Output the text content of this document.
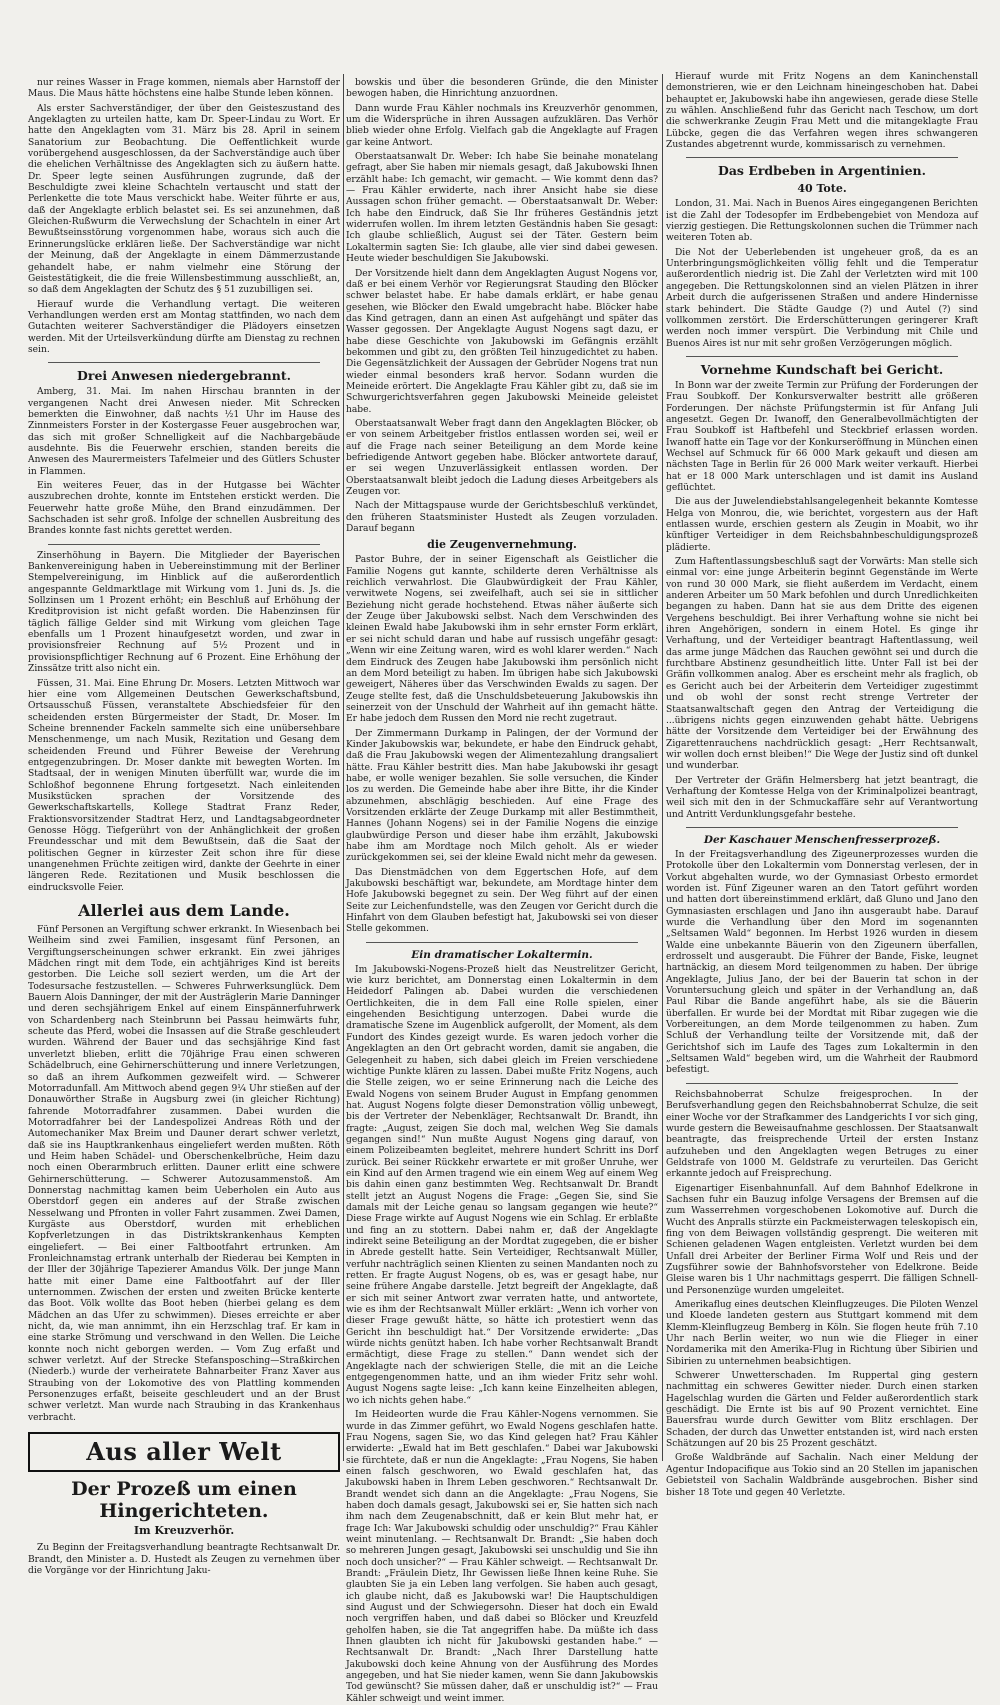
nur reines Wasser in Frage kommen, niemals aber Harnstoff der Maus. Die Maus hätte höchstens eine halbe Stunde leben können.

Als erster Sachverständiger, der über den Geisteszustand des Angeklagten zu urteilen hatte, kam Dr. Speer-Lindau zu Wort. Er hatte den Angeklagten vom 31. März bis 28. April in seinem Sanatorium zur Beobachtung. Die Oeffentlichkeit wurde vorübergehend ausgeschlossen, da der Sachverständige auch über die ehelichen Verhältnisse des Angeklagten sich zu äußern hatte. Dr. Speer legte seinen Ausführungen zugrunde, daß der Beschuldigte zwei kleine Schachteln vertauscht und statt der Perlenkette die tote Maus verschickt habe. Weiter führte er aus, daß der Angeklagte erblich belastet sei. Es sei anzunehmen, daß Gleichen-Rußwurm die Verwechslung der Schachteln in einer Art Bewußtseinsstörung vorgenommen habe, woraus sich auch die Erinnerungslücke erklären ließe. Der Sachverständige war nicht der Meinung, daß der Angeklagte in einem Dämmerzustande gehandelt habe, er nahm vielmehr eine Störung der Geistestätigkeit, die die freie Willensbestimmung ausschließt, an, so daß dem Angeklagten der Schutz des § 51 zuzubilligen sei.

Hierauf wurde die Verhandlung vertagt. Die weiteren Verhandlungen werden erst am Montag stattfinden, wo nach dem Gutachten weiterer Sachverständiger die Plädoyers einsetzen werden. Mit der Urteilsverkündung dürfte am Dienstag zu rechnen sein.

Drei Anwesen niedergebrannt.

Amberg, 31. Mai. Im nahen Hirschau brannten in der vergangenen Nacht drei Anwesen nieder. Mit Schrecken bemerkten die Einwohner, daß nachts ½1 Uhr im Hause des Zinnmeisters Forster in der Kostergasse Feuer ausgebrochen war, das sich mit großer Schnelligkeit auf die Nachbargebäude ausdehnte. Bis die Feuerwehr erschien, standen bereits die Anwesen des Maurermeisters Tafelmeier und des Gütlers Schuster in Flammen.

Ein weiteres Feuer, das in der Hutgasse bei Wächter auszubrechen drohte, konnte im Entstehen erstickt werden. Die Feuerwehr hatte große Mühe, den Brand einzudämmen. Der Sachschaden ist sehr groß. Infolge der schnellen Ausbreitung des Brandes konnte fast nichts gerettet werden.

Zinserhöhung in Bayern. Die Mitglieder der Bayerischen Bankenvereinigung haben in Uebereinstimmung mit der Berliner Stempelvereinigung, im Hinblick auf die außerordentlich angespannte Geldmarktlage mit Wirkung vom 1. Juni ds. Js. die Sollzinsen um 1 Prozent erhöht; ein Beschluß auf Erhöhung der Kreditprovision ist nicht gefaßt worden. Die Habenzinsen für täglich fällige Gelder sind mit Wirkung vom gleichen Tage ebenfalls um 1 Prozent hinaufgesetzt worden, und zwar in provisionsfreier Rechnung auf 5½ Prozent und in provisionspflichtiger Rechnung auf 6 Prozent. Eine Erhöhung der Zinssätze tritt also nicht ein.

Füssen, 31. Mai. Eine Ehrung Dr. Mosers. Letzten Mittwoch war hier eine vom Allgemeinen Deutschen Gewerkschaftsbund, Ortsausschuß Füssen, veranstaltete Abschiedsfeier für den scheidenden ersten Bürgermeister der Stadt, Dr. Moser. Im Scheine brennender Fackeln sammelte sich eine unübersehbare Menschenmenge, um nach Musik, Rezitation und Gesang dem scheidenden Freund und Führer Beweise der Verehrung entgegenzubringen. Dr. Moser dankte mit bewegten Worten. Im Stadtsaal, der in wenigen Minuten überfüllt war, wurde die im Schloßhof begonnene Ehrung fortgesetzt. Nach einleitenden Musikstücken sprachen der Vorsitzende des Gewerkschaftskartells, Kollege Stadtrat Franz Reder, Fraktionsvorsitzender Stadtrat Herz, und Landtagsabgeordneter Genosse Högg. Tiefgerührt von der Anhänglichkeit der großen Freundesschar und mit dem Bewußtsein, daß die Saat der politischen Gegner in kürzester Zeit schon ihre für diese unangenehmen Früchte zeitigen wird, dankte der Geehrte in einer längeren Rede. Rezitationen und Musik beschlossen die eindrucksvolle Feier.

Allerlei aus dem Lande.

Fünf Personen an Vergiftung schwer erkrankt. In Wiesenbach bei Weilheim sind zwei Familien, insgesamt fünf Personen, an Vergiftungserscheinungen schwer erkrankt. Ein zwei jähriges Mädchen ringt mit dem Tode, ein achtjähriges Kind ist bereits gestorben. Die Leiche soll seziert werden, um die Art der Todesursache festzustellen. — Schweres Fuhrwerksunglück. Dem Bauern Alois Danninger, der mit der Austräglerin Marie Danninger und deren sechsjährigem Enkel auf einem Einspännerfuhrwerk von Schardenberg nach Steinbrunn bei Passau heimwärts fuhr, scheute das Pferd, wobei die Insassen auf die Straße geschleudert wurden. Während der Bauer und das sechsjährige Kind fast unverletzt blieben, erlitt die 70jährige Frau einen schweren Schädelbruch, eine Gehirnerschütterung und innere Verletzungen, so daß an ihrem Aufkommen gezweifelt wird. — Schwerer Motorradunfall. Am Mittwoch abend gegen 9¼ Uhr stießen auf der Donauwörther Straße in Augsburg zwei (in gleicher Richtung) fahrende Motorradfahrer zusammen. Dabei wurden die Motorradfahrer bei der Landespolizei Andreas Röth und der Automechaniker Max Breim und Dauner derart schwer verletzt, daß sie ins Hauptkrankenhaus eingeliefert werden mußten. Röth und Heim haben Schädel- und Oberschenkelbrüche, Heim dazu noch einen Oberarmbruch erlitten. Dauner erlitt eine schwere Gehirnerschütterung. — Schwerer Autozusammenstoß. Am Donnerstag nachmittag kamen beim Ueberholen ein Auto aus Oberstdorf gegen ein anderes auf der Straße zwischen Nesselwang und Pfronten in voller Fahrt zusammen. Zwei Damen, Kurgäste aus Oberstdorf, wurden mit erheblichen Kopfverletzungen in das Distriktskrankenhaus Kempten eingeliefert. — Bei einer Faltbootfahrt ertrunken. Am Fronleichnamstag ertrank unterhalb der Riederau bei Kempten in der Iller der 30jährige Tapezierer Amandus Völk. Der junge Mann hatte mit einer Dame eine Faltbootfahrt auf der Iller unternommen. Zwischen der ersten und zweiten Brücke kenterte das Boot. Völk wollte das Boot heben (hierbei gelang es dem Mädchen an das Ufer zu schwimmen). Dieses erreichte er aber nicht, da, wie man annimmt, ihn ein Herzschlag traf. Er kam in eine starke Strömung und verschwand in den Wellen. Die Leiche konnte noch nicht geborgen werden. — Vom Zug erfaßt und schwer verletzt. Auf der Strecke Stefansposching—Straßkirchen (Niederb.) wurde der verheiratete Bahnarbeiter Franz Xaver aus Straubing von der Lokomotive des von Plattling kommenden Personenzuges erfaßt, beiseite geschleudert und an der Brust schwer verletzt. Man wurde nach Straubing in das Krankenhaus verbracht.

Aus aller Welt
Der Prozeß um einen Hingerichteten.
Im Kreuzverhör.

Zu Beginn der Freitagsverhandlung beantragte Rechtsanwalt Dr. Brandt, den Minister a. D. Hustedt als Zeugen zu vernehmen über die Vorgänge vor der Hinrichtung Jaku-

bowskis und über die besonderen Gründe, die den Minister bewogen haben, die Hinrichtung anzuordnen.

Dann wurde Frau Kähler nochmals ins Kreuzverhör genommen, um die Widersprüche in ihren Aussagen aufzuklären. Das Verhör blieb wieder ohne Erfolg. Vielfach gab die Angeklagte auf Fragen gar keine Antwort.

Oberstaatsanwalt Dr. Weber: Ich habe Sie beinahe monatelang gefragt, aber Sie haben mir niemals gesagt, daß Jakubowski Ihnen erzählt habe: Ich gemacht, wir gemacht. — Wie kommt denn das? — Frau Kähler erwiderte, nach ihrer Ansicht habe sie diese Aussagen schon früher gemacht. — Oberstaatsanwalt Dr. Weber: Ich habe den Eindruck, daß Sie Ihr früheres Geständnis jetzt widerrufen wollen. Im ihrem letzten Geständnis haben Sie gesagt: Ich glaube schließlich, August sei der Täter. Gestern beim Lokaltermin sagten Sie: Ich glaube, alle vier sind dabei gewesen. Heute wieder beschuldigen Sie Jakubowski.

Der Vorsitzende hielt dann dem Angeklagten August Nogens vor, daß er bei einem Verhör vor Regierungsrat Stauding den Blöcker schwer belastet habe. Er habe damals erklärt, er habe genau gesehen, wie Blöcker den Ewald umgebracht habe. Blöcker habe das Kind getragen, dann an einen Ast aufgehängt und später das Wasser gegossen. Der Angeklagte August Nogens sagt dazu, er habe diese Geschichte von Jakubowski im Gefängnis erzählt bekommen und gibt zu, den größten Teil hinzugedichtet zu haben. Die Gegensätzlichkeit der Aussagen der Gebrüder Nogens trat nun wieder einmal besonders kraß hervor. Sodann wurden die Meineide erörtert. Die Angeklagte Frau Kähler gibt zu, daß sie im Schwurgerichtsverfahren gegen Jakubowski Meineide geleistet habe.

Oberstaatsanwalt Weber fragt dann den Angeklagten Blöcker, ob er von seinem Arbeitgeber fristlos entlassen worden sei, weil er auf die Frage nach seiner Beteiligung an dem Morde keine befriedigende Antwort gegeben habe. Blöcker antwortete darauf, er sei wegen Unzuverlässigkeit entlassen worden. Der Oberstaatsanwalt bleibt jedoch die Ladung dieses Arbeitgebers als Zeugen vor.

Nach der Mittagspause wurde der Gerichtsbeschluß verkündet, den früheren Staatsminister Hustedt als Zeugen vorzuladen. Darauf begann

die Zeugenvernehmung.

Pastor Buhre, der in seiner Eigenschaft als Geistlicher die Familie Nogens gut kannte, schilderte deren Verhältnisse als reichlich verwahrlost. Die Glaubwürdigkeit der Frau Kähler, verwitwete Nogens, sei zweifelhaft, auch sei sie in sittlicher Beziehung nicht gerade hochstehend. Etwas näher äußerte sich der Zeuge über Jakubowski selbst. Nach dem Verschwinden des kleinen Ewald habe Jakubowski ihm in sehr ernster Form erklärt, er sei nicht schuld daran und habe auf russisch ungefähr gesagt: „Wenn wir eine Zeitung waren, wird es wohl klarer werden.“ Nach dem Eindruck des Zeugen habe Jakubowski ihm persönlich nicht an dem Mord beteiligt zu haben. Im übrigen habe sich Jakubowski geweigert, Näheres über das Verschwinden Ewalds zu sagen. Der Zeuge stellte fest, daß die Unschuldsbeteuerung Jakubowskis ihn seinerzeit von der Unschuld der Wahrheit auf ihn gemacht hätte. Er habe jedoch dem Russen den Mord nie recht zugetraut.

Der Zimmermann Durkamp in Palingen, der der Vormund der Kinder Jakubowskis war, bekundete, er habe den Eindruck gehabt, daß die Frau Jakubowski wegen der Alimentezahlung drangsaliert hätte. Frau Kähler bestritt dies. Man habe Jakubowski ihr gesagt habe, er wolle weniger bezahlen. Sie solle versuchen, die Kinder los zu werden. Die Gemeinde habe aber ihre Bitte, ihr die Kinder abzunehmen, abschlägig beschieden. Auf eine Frage des Vorsitzenden erklärte der Zeuge Durkamp mit aller Bestimmtheit, Hannes (Johann Nogens) sei in der Familie Nogens die einzige glaubwürdige Person und dieser habe ihm erzählt, Jakubowski habe ihm am Mordtage noch Milch geholt. Als er wieder zurückgekommen sei, sei der kleine Ewald nicht mehr da gewesen.

Das Dienstmädchen von dem Eggertschen Hofe, auf dem Jakubowski beschäftigt war, bekundete, am Mordtage hinter dem Hofe Jakubowski begegnet zu sein. Der Weg führt auf der einen Seite zur Leichenfundstelle, was den Zeugen vor Gericht durch die Hinfahrt von dem Glauben befestigt hat, Jakubowski sei von dieser Stelle gekommen.

Ein dramatischer Lokaltermin.

Im Jakubowski-Nogens-Prozeß hielt das Neustrelitzer Gericht, wie kurz berichtet, am Donnerstag einen Lokaltermin in dem Heidedorf Palingen ab. Dabei wurden die verschiedenen Oertlichkeiten, die in dem Fall eine Rolle spielen, einer eingehenden Besichtigung unterzogen. Dabei wurde die dramatische Szene im Augenblick aufgerollt, der Moment, als dem Fundort des Kindes gezeigt wurde. Es waren jedoch vorher die Angeklagten an den Ort gebracht worden, damit sie angaben, die Gelegenheit zu haben, sich dabei gleich im Freien verschiedene wichtige Punkte klären zu lassen. Dabei mußte Fritz Nogens, auch die Stelle zeigen, wo er seine Erinnerung nach die Leiche des Ewald Nogens von seinem Bruder August in Empfang genommen hat. August Nogens folgte dieser Demonstration völlig unbewegt, bis der Vertreter der Nebenkläger, Rechtsanwalt Dr. Brandt, ihn fragte: „August, zeigen Sie doch mal, welchen Weg Sie damals gegangen sind!“ Nun mußte August Nogens ging darauf, von einem Polizeibeamten begleitet, mehrere hundert Schritt ins Dorf zurück. Bei seiner Rückkehr erwartete er mit großer Unruhe, wer ein Kind auf den Armen tragend wie ein einem Weg auf einem Weg bis dahin einen ganz bestimmten Weg. Rechtsanwalt Dr. Brandt stellt jetzt an August Nogens die Frage: „Gegen Sie, sind Sie damals mit der Leiche genau so langsam gegangen wie heute?“ Diese Frage wirkte auf August Nogens wie ein Schlag. Er erblaßte und fing an zu stottern. Dabei nahm er, daß der Angeklagte indirekt seine Beteiligung an der Mordtat zugegeben, die er bisher in Abrede gestellt hatte. Sein Verteidiger, Rechtsanwalt Müller, verfuhr nachträglich seinen Klienten zu seinen Mandanten noch zu retten. Er fragte August Nogens, ob es, was er gesagt habe, nur seine frühere Angabe darstelle. Jetzt begreift der Angeklagte, daß er sich mit seiner Antwort zwar verraten hatte, und antwortete, wie es ihm der Rechtsanwalt Müller erklärt: „Wenn ich vorher von dieser Frage gewußt hätte, so hätte ich protestiert wenn das Gericht ihn beschuldigt hat.“ Der Vorsitzende erwiderte: „Das würde nichts genützt haben. Ich habe vorher Rechtsanwalt Brandt ermächtigt, diese Frage zu stellen.“ Dann wendet sich der Angeklagte nach der schwierigen Stelle, die mit an die Leiche entgegengenommen hatte, und an ihm wieder Fritz sehr wohl. August Nogens sagte leise: „Ich kann keine Einzelheiten ablegen, wo ich nichts gehen habe.“

Im Heideorten wurde die Frau Kähler-Nogens vernommen. Sie wurde in das Zimmer geführt, wo Ewald Nogens geschlafen hatte. Frau Nogens, sagen Sie, wo das Kind gelegen hat? Frau Kähler erwiderte: „Ewald hat im Bett geschlafen.“ Dabei war Jakubowski sie fürchtete, daß er nun die Angeklagte: „Frau Nogens, Sie haben einen falsch geschworen, wo Ewald geschlafen hat, das Jakubowski haben in Ihrem Leben geschworen.“ Rechtsanwalt Dr. Brandt wendet sich dann an die Angeklagte: „Frau Nogens, Sie haben doch damals gesagt, Jakubowski sei er, Sie hatten sich nach ihm nach dem Zeugenabschnitt, daß er kein Blut mehr hat, er frage Ich: War Jakubowski schuldig oder unschuldig?“ Frau Kähler weint minutenlang. — Rechtsanwalt Dr. Brandt: „Sie haben doch so mehreren Jungen gesagt, Jakubowski sei unschuldig und Sie ihn noch doch unsicher?“ — Frau Kähler schweigt. — Rechtsanwalt Dr. Brandt: „Fräulein Dietz, Ihr Gewissen ließe Ihnen keine Ruhe. Sie glaubten Sie ja ein Leben lang verfolgen. Sie haben auch gesagt, ich glaube nicht, daß es Jakubowski war! Die Hauptschuldigen sind August und der Schwiegersohn. Dieser hat doch ein Ewald noch vergriffen haben, und daß dabei so Blöcker und Kreuzfeld geholfen haben, sie die Tat angegriffen habe. Da müßte ich dass Ihnen glaubten ich nicht für Jakubowski gestanden habe.“ — Rechtsanwalt Dr. Brandt: „Nach Ihrer Darstellung hatte Jakubowski doch keine Ahnung von der Ausführung des Mordes angegeben, und hat Sie nieder kamen, wenn Sie dann Jakubowskis Tod gewünscht? Sie müssen daher, daß er unschuldig ist?“ — Frau Kähler schweigt und weint immer.

Hierauf wurde mit Fritz Nogens an dem Kaninchenstall demonstrieren, wie er den Leichnam hineingeschoben hat. Dabei behauptet er, Jakubowski habe ihn angewiesen, gerade diese Stelle zu wählen. Anschließend fuhr das Gericht nach Teschow, um dort die schwerkranke Zeugin Frau Mett und die mitangeklagte Frau Lübcke, gegen die das Verfahren wegen ihres schwangeren Zustandes abgetrennt wurde, kommissarisch zu vernehmen.

Das Erdbeben in Argentinien.
40 Tote.

London, 31. Mai. Nach in Buenos Aires eingegangenen Berichten ist die Zahl der Todesopfer im Erdbebengebiet von Mendoza auf vierzig gestiegen. Die Rettungskolonnen suchen die Trümmer nach weiteren Toten ab.

Die Not der Ueberlebenden ist ungeheuer groß, da es an Unterbringungsmöglichkeiten völlig fehlt und die Temperatur außerordentlich niedrig ist. Die Zahl der Verletzten wird mit 100 angegeben. Die Rettungskolonnen sind an vielen Plätzen in ihrer Arbeit durch die aufgerissenen Straßen und andere Hindernisse stark behindert. Die Städte Gaudge (?) und Autel (?) sind vollkommen zerstört. Die Erderschütterungen geringerer Kraft werden noch immer verspürt. Die Verbindung mit Chile und Buenos Aires ist nur mit sehr großen Verzögerungen möglich.

Vornehme Kundschaft bei Gericht.

In Bonn war der zweite Termin zur Prüfung der Forderungen der Frau Soubkoff. Der Konkursverwalter bestritt alle größeren Forderungen. Der nächste Prüfungstermin ist für Anfang Juli angesetzt. Gegen Dr. Iwanoff, den Generalbevollmächtigten der Frau Soubkoff ist Haftbefehl und Steckbrief erlassen worden. Iwanoff hatte ein Tage vor der Konkurseröffnung in München einen Wechsel auf Schmuck für 66 000 Mark gekauft und diesen am nächsten Tage in Berlin für 26 000 Mark weiter verkauft. Hierbei hat er 18 000 Mark unterschlagen und ist damit ins Ausland geflüchtet.

Die aus der Juwelendiebstahlsangelegenheit bekannte Komtesse Helga von Monrou, die, wie berichtet, vorgestern aus der Haft entlassen wurde, erschien gestern als Zeugin in Moabit, wo ihr künftiger Verteidiger in dem Reichsbahnbeschuldigungsprozeß plädierte.

Zum Haftentlassungsbeschluß sagt der Vorwärts: Man stelle sich einmal vor: eine junge Arbeiterin beginnt Gegenstände im Werte von rund 30 000 Mark, sie flieht außerdem im Verdacht, einem anderen Arbeiter um 50 Mark befohlen und durch Unredlichkeiten begangen zu haben. Dann hat sie aus dem Dritte des eigenen Vergehens beschuldigt. Bei ihrer Verhaftung wohne sie nicht bei ihren Angehörigen, sondern in einem Hotel. Es ginge ihr Verhaftung, und der Verteidiger beantragt Haftentlassung, weil das arme junge Mädchen das Rauchen gewöhnt sei und durch die furchtbare Abstinenz gesundheitlich litte. Unter Fall ist bei der Gräfin vollkommen analog. Aber es erscheint mehr als fraglich, ob es Gericht auch bei der Arbeiterin dem Verteidiger zugestimmt und ob wohl der sonst recht strenge Vertreter der Staatsanwaltschaft gegen den Antrag der Verteidigung die ...übrigens nichts gegen einzuwenden gehabt hätte. Uebrigens hätte der Vorsitzende dem Verteidiger bei der Erwähnung des Zigarettenrauchens nachdrücklich gesagt: „Herr Rechtsanwalt, wir wollen doch ernst bleiben!“ Die Wege der Justiz sind oft dunkel und wunderbar.

Der Vertreter der Gräfin Helmersberg hat jetzt beantragt, die Verhaftung der Komtesse Helga von der Kriminalpolizei beantragt, weil sich mit den in der Schmuckaffäre sehr auf Verantwortung und Antritt Verdunklungsgefahr bestehe.

Der Kaschauer Menschenfresserprozeß.

In der Freitagsverhandlung des Zigeunerprozesses wurden die Protokolle über den Lokaltermin vom Donnerstag verlesen, der in Vorkut abgehalten wurde, wo der Gymnasiast Orbesto ermordet worden ist. Fünf Zigeuner waren an den Tatort geführt worden und hatten dort übereinstimmend erklärt, daß Gluno und Jano den Gymnasiasten erschlagen und Jano ihn ausgeraubt habe. Darauf wurde die Verhandlung über den Mord im sogenannten „Seltsamen Wald“ begonnen. Im Herbst 1926 wurden in diesem Walde eine unbekannte Bäuerin von den Zigeunern überfallen, erdrosselt und ausgeraubt. Die Führer der Bande, Fiske, leugnet hartnäckig, an diesem Mord teilgenommen zu haben. Der übrige Angeklagte, Julius Jano, der bei der Bauerin tat schon in der Voruntersuchung gleich und später in der Verhandlung an, daß Paul Ribar die Bande angeführt habe, als sie die Bäuerin überfallen. Er wurde bei der Mordtat mit Ribar zugegen wie die Vorbereitungen, an dem Morde teilgenommen zu haben. Zum Schluß der Verhandlung teilte der Vorsitzende mit, daß der Gerichtshof sich im Laufe des Tages zum Lokaltermin in den „Seltsamen Wald“ begeben wird, um die Wahrheit der Raubmord befestigt.

Reichsbahnoberrat Schulze freigesprochen. In der Berufsverhandlung gegen den Reichsbahnoberrat Schulze, die seit einer Woche vor der Strafkammer des Landgerichts I vor sich ging, wurde gestern die Beweisaufnahme geschlossen. Der Staatsanwalt beantragte, das freisprechende Urteil der ersten Instanz aufzuheben und den Angeklagten wegen Betruges zu einer Geldstrafe von 1000 M. Geldstrafe zu verurteilen. Das Gericht erkannte jedoch auf Freisprechung.

Eigenartiger Eisenbahnunfall. Auf dem Bahnhof Edelkrone in Sachsen fuhr ein Bauzug infolge Versagens der Bremsen auf die zum Wasserrehmen vorgeschobenen Lokomotive auf. Durch die Wucht des Anpralls stürzte ein Packmeisterwagen teleskopisch ein, fing von dem Beiwagen vollständig gesprengt. Die weiteren mit Schienen geladenen Wagen entgleisten. Verletzt wurden bei dem Unfall drei Arbeiter der Berliner Firma Wolf und Reis und der Zugsführer sowie der Bahnhofsvorsteher von Edelkrone. Beide Gleise waren bis 1 Uhr nachmittags gesperrt. Die fälligen Schnell- und Personenzüge wurden umgeleitet.

Amerikaflug eines deutschen Kleinflugzeuges. Die Piloten Wenzel und Kloede landeten gestern aus Stuttgart kommend mit dem Klemm-Kleinflugzeug Bemberg in Köln. Sie flogen heute früh 7.10 Uhr nach Berlin weiter, wo nun wie die Flieger in einer Nordamerika mit den Amerika-Flug in Richtung über Sibirien und Sibirien zu unternehmen beabsichtigen.

Schwerer Unwetterschaden. Im Ruppertal ging gestern nachmittag ein schweres Gewitter nieder. Durch einen starken Hagelschlag wurden die Gärten und Felder außerordentlich stark geschädigt. Die Ernte ist bis auf 90 Prozent vernichtet. Eine Bauersfrau wurde durch Gewitter vom Blitz erschlagen. Der Schaden, der durch das Unwetter entstanden ist, wird nach ersten Schätzungen auf 20 bis 25 Prozent geschätzt.

Große Waldbrände auf Sachalin. Nach einer Meldung der Agentur Indopacifique aus Tokio sind an 20 Stellen im japanischen Gebietsteil von Sachalin Waldbrände ausgebrochen. Bisher sind bisher 18 Tote und gegen 40 Verletzte.
